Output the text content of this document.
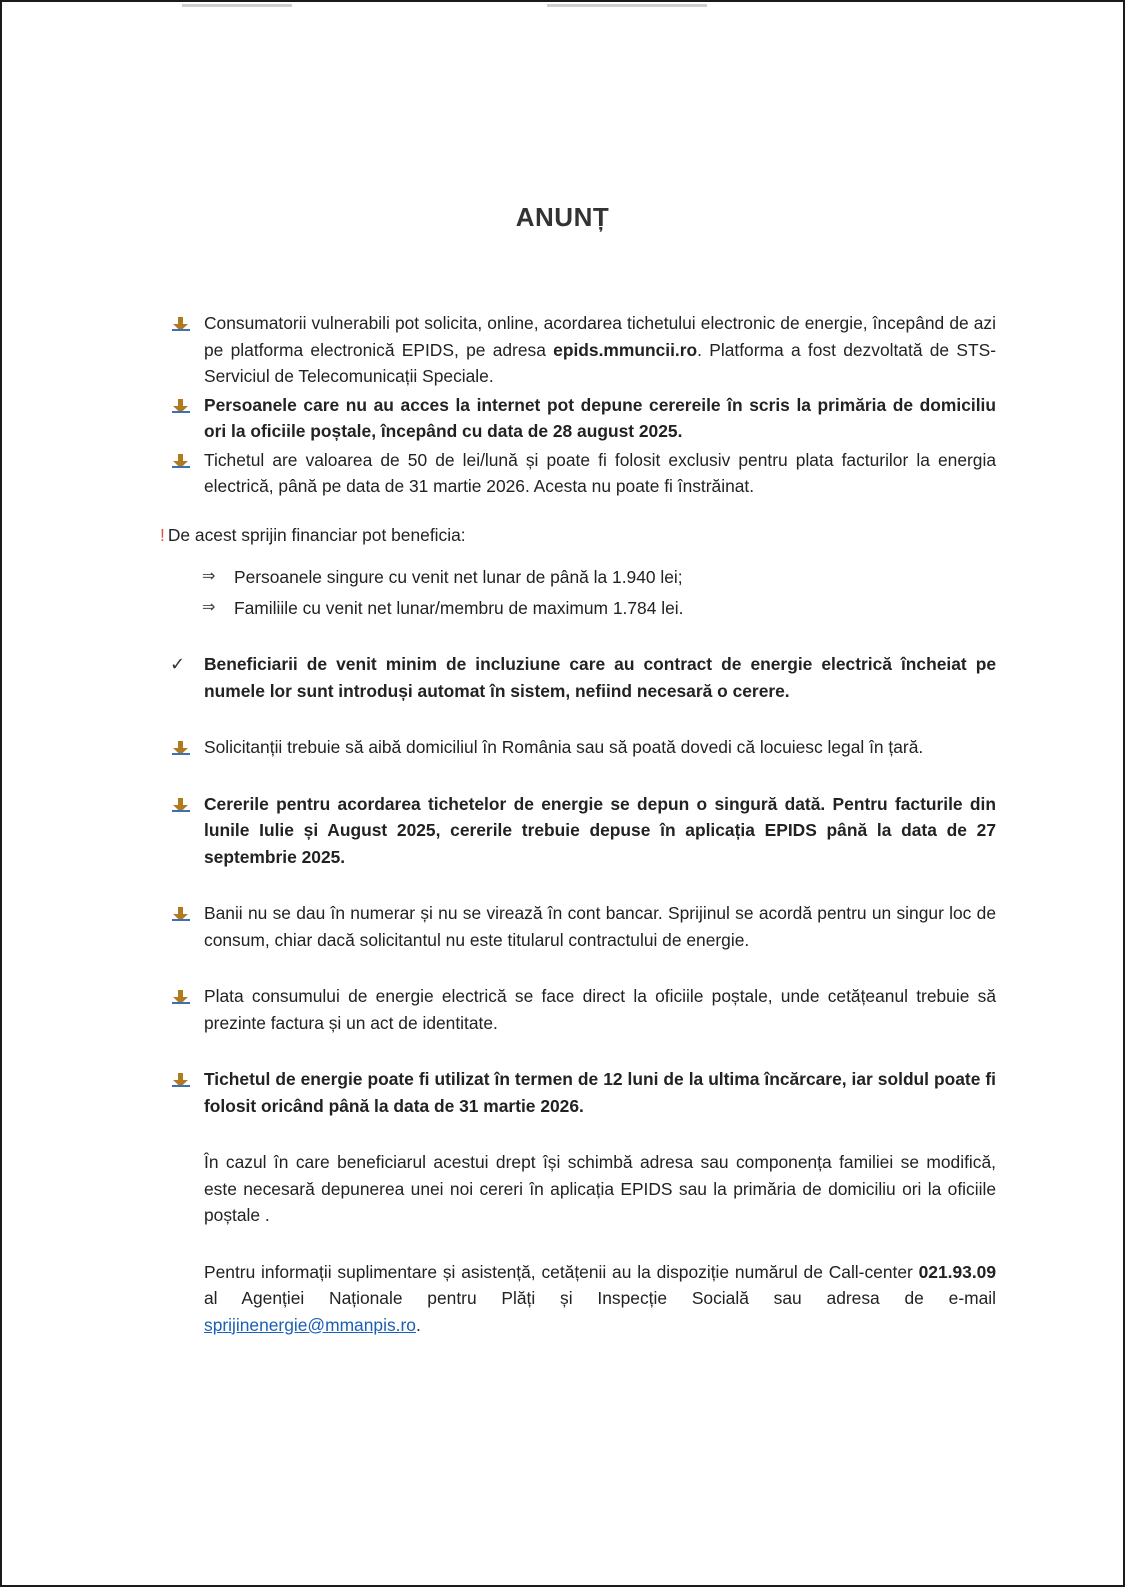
ANUNȚ
Consumatorii vulnerabili pot solicita, online, acordarea tichetului electronic de energie, începând de azi pe platforma electronică EPIDS, pe adresa epids.mmuncii.ro. Platforma a fost dezvoltată de STS- Serviciul de Telecomunicații Speciale.
Persoanele care nu au acces la internet pot depune cerereile în scris la primăria de domiciliu ori la oficiile poștale, începând cu data de 28 august 2025.
Tichetul are valoarea de 50 de lei/lună și poate fi folosit exclusiv pentru plata facturilor la energia electrică, până pe data de 31 martie 2026. Acesta nu poate fi înstrăinat.
! De acest sprijin financiar pot beneficia:
⇒ Persoanele singure cu venit net lunar de până la 1.940 lei;
⇒ Familiile cu venit net lunar/membru de maximum 1.784 lei.
✓ Beneficiarii de venit minim de incluziune care au contract de energie electrică încheiat pe numele lor sunt introduși automat în sistem, nefiind necesară o cerere.
Solicitanții trebuie să aibă domiciliul în România sau să poată dovedi că locuiesc legal în țară.
Cererile pentru acordarea tichetelor de energie se depun o singură dată. Pentru facturile din lunile Iulie și August 2025, cererile trebuie depuse în aplicația EPIDS până la data de 27 septembrie 2025.
Banii nu se dau în numerar și nu se virează în cont bancar. Sprijinul se acordă pentru un singur loc de consum, chiar dacă solicitantul nu este titularul contractului de energie.
Plata consumului de energie electrică se face direct la oficiile poștale, unde cetățeanul trebuie să prezinte factura și un act de identitate.
Tichetul de energie poate fi utilizat în termen de 12 luni de la ultima încărcare, iar soldul poate fi folosit oricând până la data de 31 martie 2026.
În cazul în care beneficiarul acestui drept își schimbă adresa sau componența familiei se modifică, este necesară depunerea unei noi cereri în aplicația EPIDS sau la primăria de domiciliu ori la oficiile poștale .
Pentru informații suplimentare și asistență, cetățenii au la dispoziție numărul de Call-center 021.93.09 al Agenției Naționale pentru Plăți și Inspecție Socială sau adresa de e-mail sprijinenergie@mmanpis.ro.
